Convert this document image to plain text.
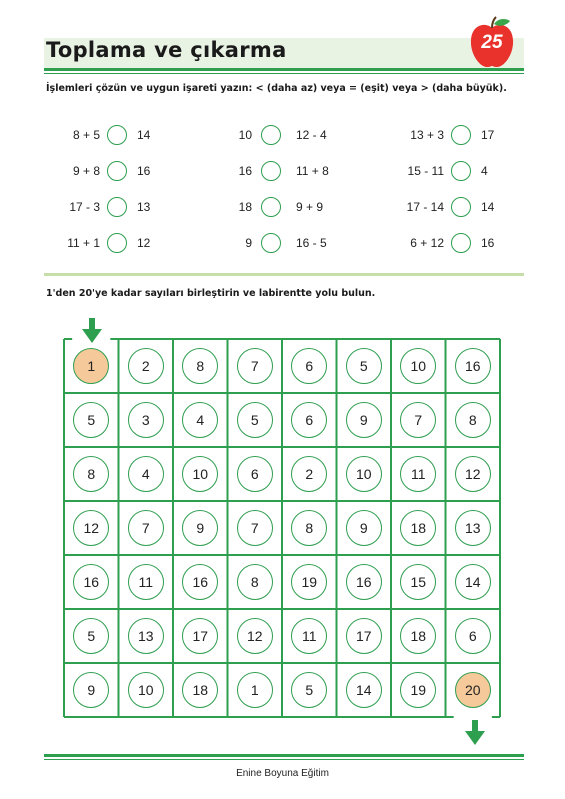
Toplama ve çıkarma	25
İşlemleri çözün ve uygun işareti yazın: < (daha az) veya = (eşit) veya > (daha büyük).
8 + 5	14
9 + 8	16
17 - 3	13
11 + 1	12
10	12 - 4
16	11 + 8
18	9 + 9
9	16 - 5
13 + 3	17
15 - 11	4
17 - 14	14
6 + 12	16
1'den 20'ye kadar sayıları birleştirin ve labirentte yolu bulun.
1	2	8	7	6	5	10	16
5	3	4	5	6	9	7	8
8	4	10	6	2	10	11	12
12	7	9	7	8	9	18	13
16	11	16	8	19	16	15	14
5	13	17	12	11	17	18	6
9	10	18	1	5	14	19	20
Enine Boyuna Eğitim
